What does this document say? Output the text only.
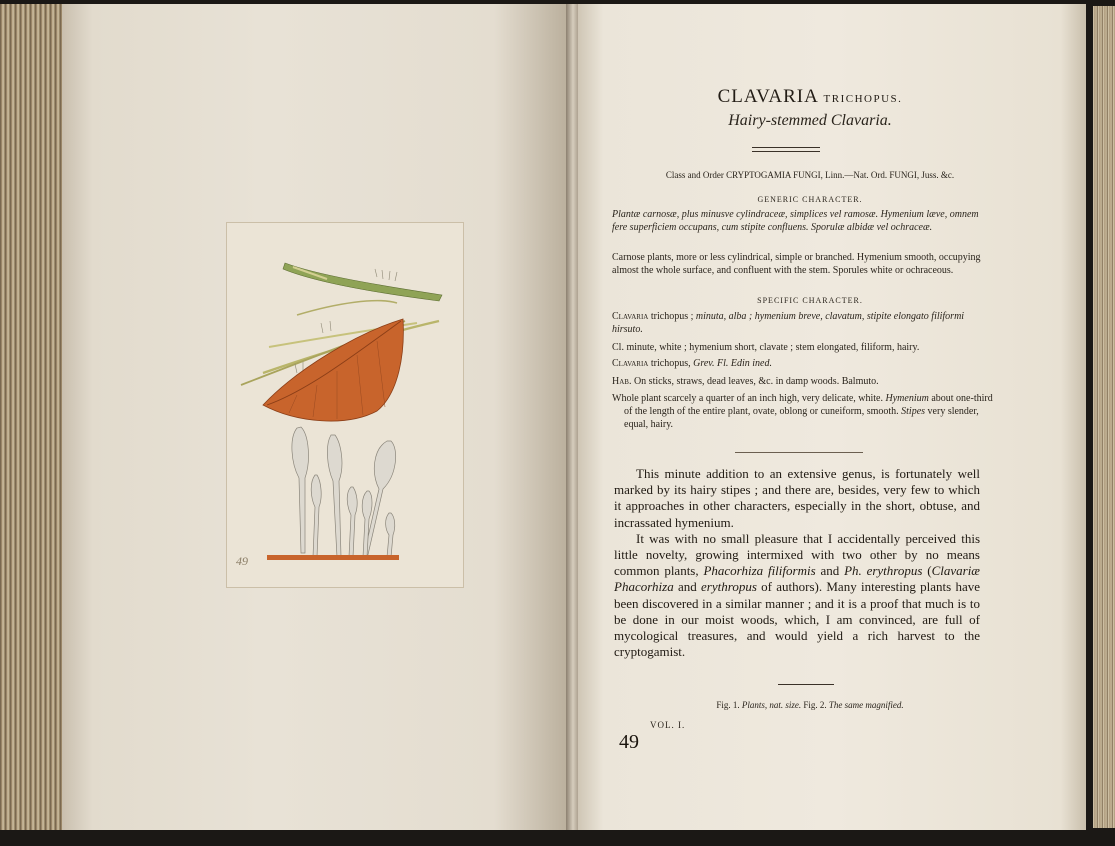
49
CLAVARIA TRICHOPUS.
Hairy-stemmed Clavaria.
Class and Order CRYPTOGAMIA FUNGI, Linn.—Nat. Ord. FUNGI, Juss. &c.
GENERIC CHARACTER.
Plantæ carnosæ, plus minusve cylindraceæ, simplices vel ramosæ. Hymenium læve, omnem fere superficiem occupans, cum stipite confluens. Sporulæ albidæ vel ochraceæ.
Carnose plants, more or less cylindrical, simple or branched. Hymenium smooth, occupying almost the whole surface, and confluent with the stem. Sporules white or ochraceous.
SPECIFIC CHARACTER.
Clavaria trichopus ; minuta, alba ; hymenium breve, clavatum, stipite elongato filiformi hirsuto.
Cl. minute, white ; hymenium short, clavate ; stem elongated, filiform, hairy.
Clavaria trichopus, Grev. Fl. Edin ined.
Hab. On sticks, straws, dead leaves, &c. in damp woods. Balmuto.
Whole plant scarcely a quarter of an inch high, very delicate, white. Hymenium about one-third of the length of the entire plant, ovate, oblong or cuneiform, smooth. Stipes very slender, equal, hairy.

This minute addition to an extensive genus, is fortunately well marked by its hairy stipes ; and there are, besides, very few to which it approaches in other characters, especially in the short, obtuse, and incrassated hymenium.

It was with no small pleasure that I accidentally perceived this little novelty, growing intermixed with two other by no means common plants, Phacorhiza filiformis and Ph. erythropus (Clavariæ Phacorhiza and erythropus of authors). Many interesting plants have been discovered in a similar manner ; and it is a proof that much is to be done in our moist woods, which, I am convinced, are full of mycological treasures, and would yield a rich harvest to the cryptogamist.

Fig. 1. Plants, nat. size. Fig. 2. The same magnified.
VOL. I.
49
